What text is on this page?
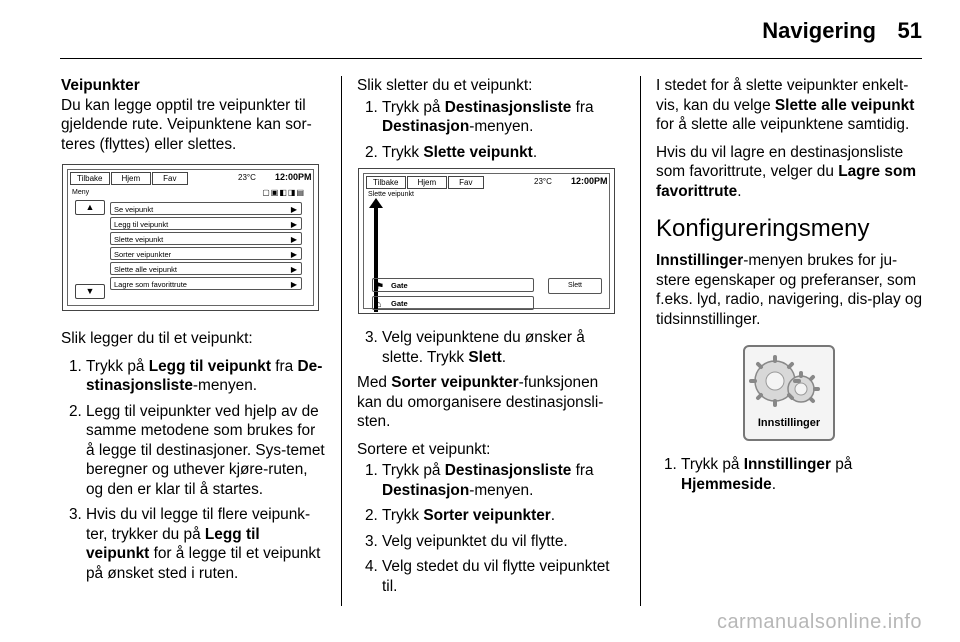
Navigering 51
Veipunkter

Du kan legge opptil tre veipunkter til gjeldende rute. Veipunktene kan sor-teres (flyttes) eller slettes.

Tilbake	Hjem	Fav	23°C 12:00PM
Meny	▢▣◧◨▤
▲
▼
Se veipunkt	▶
Legg til veipunkt	▶
Slette veipunkt	▶
Sorter veipunkter	▶
Slette alle veipunkt	▶
Lagre som favorittrute	▶

Slik legger du til et veipunkt:

1. Trykk på Legg til veipunkt fra De-stinasjonsliste-menyen.
2. Legg til veipunkter ved hjelp av de samme metodene som brukes for å legge til destinasjoner. Sys-temet beregner og uthever kjøre-ruten, og den er klar til å startes.
3. Hvis du vil legge til flere veipunk-ter, trykker du på Legg til veipunkt for å legge til et veipunkt på ønsket sted i ruten.

Slik sletter du et veipunkt:

1. Trykk på Destinasjonsliste fra Destinasjon-menyen.
2. Trykk Slette veipunkt.
Tilbake	Hjem	Fav	23°C 12:00PM
Slette veipunkt
⚑ Gate
⌂ Gate
Slett
3. Velg veipunktene du ønsker å slette. Trykk Slett.

Med Sorter veipunkter-funksjonen kan du omorganisere destinasjonsli-sten.

Sortere et veipunkt:

1. Trykk på Destinasjonsliste fra Destinasjon-menyen.
2. Trykk Sorter veipunkter.
3. Velg veipunktet du vil flytte.
4. Velg stedet du vil flytte veipunktet til.

I stedet for å slette veipunkter enkelt-vis, kan du velge Slette alle veipunkt for å slette alle veipunktene samtidig.

Hvis du vil lagre en destinasjonsliste som favorittrute, velger du Lagre som favorittrute.

Konfigureringsmeny

Innstillinger-menyen brukes for ju-stere egenskaper og preferanser, som f.eks. lyd, radio, navigering, dis-play og tidsinnstillinger.

Innstillinger
1. Trykk på Innstillinger på Hjemmeside.
carmanualsonline.info
